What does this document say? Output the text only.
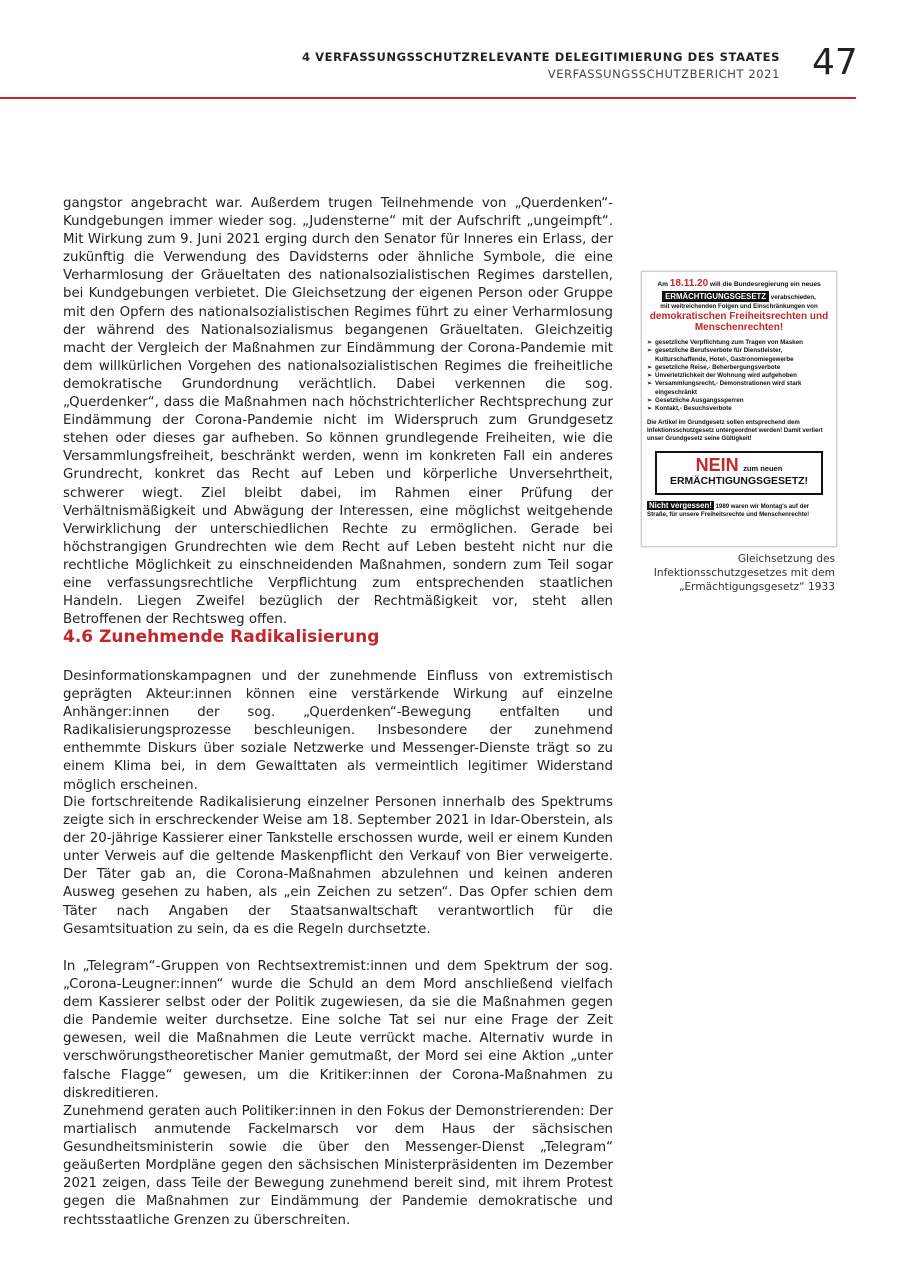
4 VERFASSUNGSSCHUTZRELEVANTE DELEGITIMIERUNG DES STAATES
VERFASSUNGSSCHUTZBERICHT 2021 47

gangstor angebracht war. Außerdem trugen Teilnehmende von „Querdenken“-Kundgebungen immer wieder sog. „Judensterne“ mit der Aufschrift „ungeimpft“. Mit Wirkung zum 9. Juni 2021 erging durch den Senator für Inneres ein Erlass, der zukünftig die Verwendung des Davidsterns oder ähnliche Symbole, die eine Verharmlosung der Gräueltaten des nationalsozialistischen Regimes darstellen, bei Kundgebungen verbietet. Die Gleichsetzung der eigenen Person oder Gruppe mit den Opfern des nationalsozialistischen Regimes führt zu einer Verharmlosung der während des Nationalsozialismus begangenen Gräueltaten. Gleichzeitig macht der Vergleich der Maßnahmen zur Eindämmung der Corona-Pandemie mit dem willkürlichen Vorgehen des nationalsozialistischen Regimes die freiheitliche demokratische Grundordnung verächtlich. Dabei verkennen die sog. „Querdenker“, dass die Maßnahmen nach höchstrichterlicher Rechtsprechung zur Eindämmung der Corona-Pandemie nicht im Widerspruch zum Grundgesetz stehen oder dieses gar aufheben. So können grundlegende Freiheiten, wie die Versammlungsfreiheit, beschränkt werden, wenn im konkreten Fall ein anderes Grundrecht, konkret das Recht auf Leben und körperliche Unversehrtheit, schwerer wiegt. Ziel bleibt dabei, im Rahmen einer Prüfung der Verhältnismäßigkeit und Abwägung der Interessen, eine möglichst weitgehende Verwirklichung der unterschiedlichen Rechte zu ermöglichen. Gerade bei höchstrangigen Grundrechten wie dem Recht auf Leben besteht nicht nur die rechtliche Möglichkeit zu einschneidenden Maßnahmen, sondern zum Teil sogar eine verfassungsrechtliche Verpflichtung zum entsprechenden staatlichen Handeln. Liegen Zweifel bezüglich der Rechtmäßigkeit vor, steht allen Betroffenen der Rechtsweg offen.

4.6 Zunehmende Radikalisierung

Desinformationskampagnen und der zunehmende Einfluss von extremistisch geprägten Akteur:innen können eine verstärkende Wirkung auf einzelne Anhänger:innen der sog. „Querdenken“-Bewegung entfalten und Radikalisierungsprozesse beschleunigen. Insbesondere der zunehmend enthemmte Diskurs über soziale Netzwerke und Messenger-Dienste trägt so zu einem Klima bei, in dem Gewalttaten als vermeintlich legitimer Widerstand möglich erscheinen.

Die fortschreitende Radikalisierung einzelner Personen innerhalb des Spektrums zeigte sich in erschreckender Weise am 18. September 2021 in Idar-Oberstein, als der 20-jährige Kassierer einer Tankstelle erschossen wurde, weil er einem Kunden unter Verweis auf die geltende Maskenpflicht den Verkauf von Bier verweigerte. Der Täter gab an, die Corona-Maßnahmen abzulehnen und keinen anderen Ausweg gesehen zu haben, als „ein Zeichen zu setzen“. Das Opfer schien dem Täter nach Angaben der Staatsanwaltschaft verantwortlich für die Gesamtsituation zu sein, da es die Regeln durchsetzte.

In „Telegram“-Gruppen von Rechtsextremist:innen und dem Spektrum der sog. „Corona-Leugner:innen“ wurde die Schuld an dem Mord anschließend vielfach dem Kassierer selbst oder der Politik zugewiesen, da sie die Maßnahmen gegen die Pandemie weiter durchsetze. Eine solche Tat sei nur eine Frage der Zeit gewesen, weil die Maßnahmen die Leute verrückt mache. Alternativ wurde in verschwörungstheoretischer Manier gemutmaßt, der Mord sei eine Aktion „unter falsche Flagge“ gewesen, um die Kritiker:innen der Corona-Maßnahmen zu diskreditieren.

Zunehmend geraten auch Politiker:innen in den Fokus der Demonstrierenden: Der martialisch anmutende Fackelmarsch vor dem Haus der sächsischen Gesundheitsministerin sowie die über den Messenger-Dienst „Telegram“ geäußerten Mordpläne gegen den sächsischen Ministerpräsidenten im Dezember 2021 zeigen, dass Teile der Bewegung zunehmend bereit sind, mit ihrem Protest gegen die Maßnahmen zur Eindämmung der Pandemie demokratische und rechtsstaatliche Grenzen zu überschreiten.

Am 18.11.20 will die Bundesregierung ein neues
ERMÄCHTIGUNGSGESETZ verabschieden,
mit weitreichenden Folgen und Einschränkungen von
demokratischen Freiheitsrechten und Menschenrechten!
➢ gesetzliche Verpflichtung zum Tragen von Masken
➢ gesetzliche Berufsverbote für Dienstleister, Kulturschaffende, Hotel-, Gastronomiegewerbe
➢ gesetzliche Reise,- Beherbergungsverbote
➢ Unverletzlichkeit der Wohnung wird aufgehoben
➢ Versammlungsrecht,- Demonstrationen wird stark eingeschränkt
➢ Gesetzliche Ausgangssperren
➢ Kontakt,- Besuchsverbote
Die Artikel im Grundgesetz sollen entsprechend dem Infektionsschutzgesetz untergeordnet werden! Damit verliert unser Grundgesetz seine Gültigkeit!
NEIN zum neuen
ERMÄCHTIGUNGSGESETZ!
Nicht vergessen! 1989 waren wir Montag's auf der Straße, für unsere Freiheitsrechte und Menschenrechte!
Gleichsetzung des
Infektionsschutzgesetzes mit dem
„Ermächtigungsgesetz“ 1933
